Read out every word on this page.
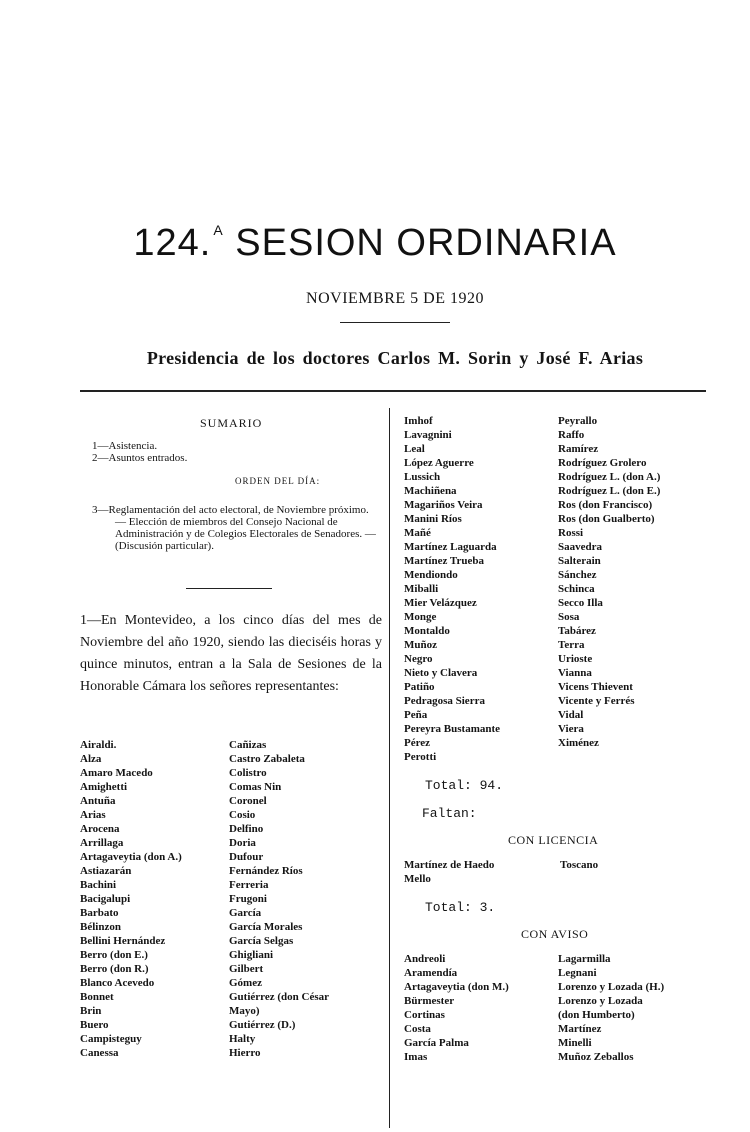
124. $^A$ SESION ORDINARIA
NOVIEMBRE 5 DE 1920
Presidencia de los doctores Carlos M. Sorin y José F. Arias
SUMARIO
1—Asistencia.
2—Asuntos entrados.
ORDEN DEL DÍA:
3—Reglamentación del acto electoral, de Noviembre próximo. — Elección de miembros del Consejo Nacional de Administración y de Colegios Electorales de Senadores. — (Discusión particular).
1—En Montevideo, a los cinco días del mes de Noviembre del año 1920, siendo las dieciséis horas y quince minutos, entran a la Sala de Sesiones de la Honorable Cámara los señores representantes:
Airaldi.
Alza
Amaro Macedo
Amighetti
Antuña
Arias
Arocena
Arrillaga
Artagaveytia (don A.)
Astiazarán
Bachini
Bacigalupi
Barbato
Bélinzon
Bellini Hernández
Berro (don E.)
Berro (don R.)
Blanco Acevedo
Bonnet
Brin
Buero
Campisteguy
Canessa
Cañizas
Castro Zabaleta
Colistro
Comas Nin
Coronel
Cosio
Delfino
Doria
Dufour
Fernández Ríos
Ferreria
Frugoni
García
García Morales
García Selgas
Ghigliani
Gilbert
Gómez
Gutiérrez (don César
Mayo)
Gutiérrez (D.)
Halty
Hierro
Imhof
Lavagnini
Leal
López Aguerre
Lussich
Machiñena
Magariños Veira
Manini Ríos
Mañé
Martínez Laguarda
Martínez Trueba
Mendiondo
Miballi
Mier Velázquez
Monge
Montaldo
Muñoz
Negro
Nieto y Clavera
Patiño
Pedragosa Sierra
Peña
Pereyra Bustamante
Pérez
Perotti
Peyrallo
Raffo
Ramírez
Rodríguez Grolero
Rodríguez L. (don A.)
Rodríguez L. (don E.)
Ros (don Francisco)
Ros (don Gualberto)
Rossi
Saavedra
Salterain
Sánchez
Schinca
Secco Illa
Sosa
Tabárez
Terra
Urioste
Vianna
Vicens Thievent
Vicente y Ferrés
Vidal
Viera
Ximénez
Total: 94.
Faltan:
CON LICENCIA
Martínez de Haedo
Mello
Toscano
Total: 3.
CON AVISO
Andreoli
Aramendía
Artagaveytia (don M.)
Bürmester
Cortinas
Costa
García Palma
Imas
Lagarmilla
Legnani
Lorenzo y Lozada (H.)
Lorenzo y Lozada
(don Humberto)
Martínez
Minelli
Muñoz Zeballos
